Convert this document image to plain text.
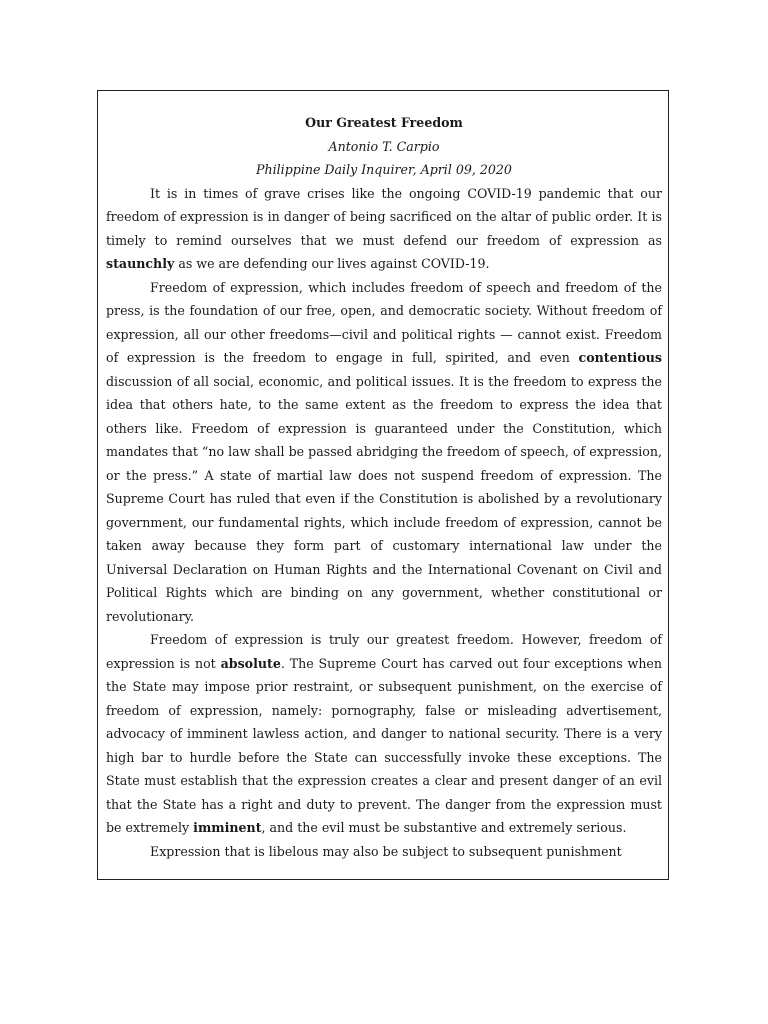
Our Greatest Freedom

Antonio T. Carpio

Philippine Daily Inquirer, April 09, 2020

It is in times of grave crises like the ongoing COVID-19 pandemic that our freedom of expression is in danger of being sacrificed on the altar of public order. It is timely to remind ourselves that we must defend our freedom of expression as staunchly as we are defending our lives against COVID-19.

Freedom of expression, which includes freedom of speech and freedom of the press, is the foundation of our free, open, and democratic society. Without freedom of expression, all our other freedoms—civil and political rights — cannot exist. Freedom of expression is the freedom to engage in full, spirited, and even contentious discussion of all social, economic, and political issues. It is the freedom to express the idea that others hate, to the same extent as the freedom to express the idea that others like. Freedom of expression is guaranteed under the Constitution, which mandates that “no law shall be passed abridging the freedom of speech, of expression, or the press.” A state of martial law does not suspend freedom of expression. The Supreme Court has ruled that even if the Constitution is abolished by a revolutionary government, our fundamental rights, which include freedom of expression, cannot be taken away because they form part of customary international law under the Universal Declaration on Human Rights and the International Covenant on Civil and Political Rights which are binding on any government, whether constitutional or revolutionary.

Freedom of expression is truly our greatest freedom. However, freedom of expression is not absolute. The Supreme Court has carved out four exceptions when the State may impose prior restraint, or subsequent punishment, on the exercise of freedom of expression, namely: pornography, false or misleading advertisement, advocacy of imminent lawless action, and danger to national security. There is a very high bar to hurdle before the State can successfully invoke these exceptions. The State must establish that the expression creates a clear and present danger of an evil that the State has a right and duty to prevent. The danger from the expression must be extremely imminent, and the evil must be substantive and extremely serious.

Expression that is libelous may also be subject to subsequent punishment
